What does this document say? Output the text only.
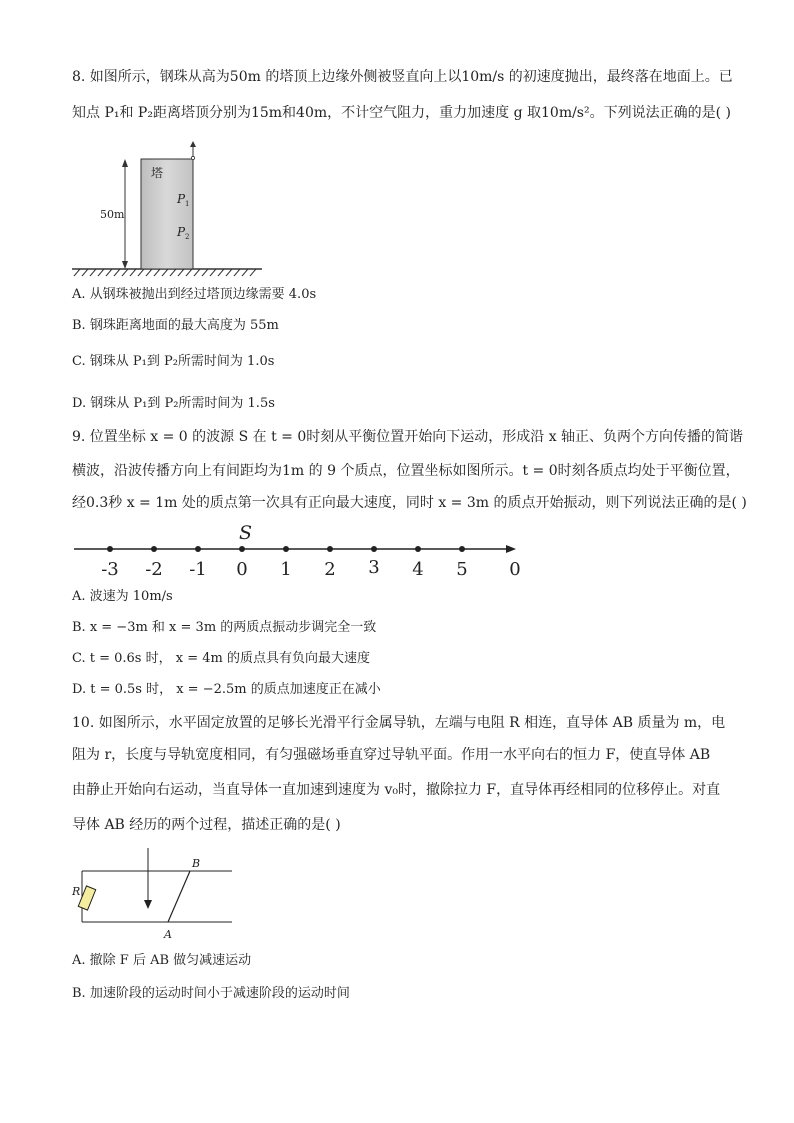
8. 如图所示，钢珠从高为50m 的塔顶上边缘外侧被竖直向上以10m/s 的初速度抛出，最终落在地面上。已
知点 P₁和 P₂距离塔顶分别为15m和40m，不计空气阻力，重力加速度 g 取10m/s²。下列说法正确的是( )
50m
塔
P 1
P 2
A. 从钢珠被抛出到经过塔顶边缘需要 4.0s
B. 钢珠距离地面的最大高度为 55m
C. 钢珠从 P₁到 P₂所需时间为 1.0s
D. 钢珠从 P₁到 P₂所需时间为 1.5s
9. 位置坐标 x = 0 的波源 S 在 t = 0时刻从平衡位置开始向下运动，形成沿 x 轴正、负两个方向传播的简谐
横波，沿波传播方向上有间距均为1m 的 9 个质点，位置坐标如图所示。t = 0时刻各质点均处于平衡位置，
经0.3秒 x = 1m 处的质点第一次具有正向最大速度，同时 x = 3m 的质点开始振动，则下列说法正确的是( )
-3 -2 -1 0 1 2 3 4 5 0
S
A. 波速为 10m/s
B. x = −3m 和 x = 3m 的两质点振动步调完全一致
C. t = 0.6s 时， x = 4m 的质点具有负向最大速度
D. t = 0.5s 时， x = −2.5m 的质点加速度正在减小
10. 如图所示，水平固定放置的足够长光滑平行金属导轨，左端与电阻 R 相连，直导体 AB 质量为 m，电
阻为 r，长度与导轨宽度相同，有匀强磁场垂直穿过导轨平面。作用一水平向右的恒力 F，使直导体 AB
由静止开始向右运动，当直导体一直加速到速度为 v₀时，撤除拉力 F，直导体再经相同的位移停止。对直
导体 AB 经历的两个过程，描述正确的是( )
R
B
A
A. 撤除 F 后 AB 做匀减速运动
B. 加速阶段的运动时间小于减速阶段的运动时间
